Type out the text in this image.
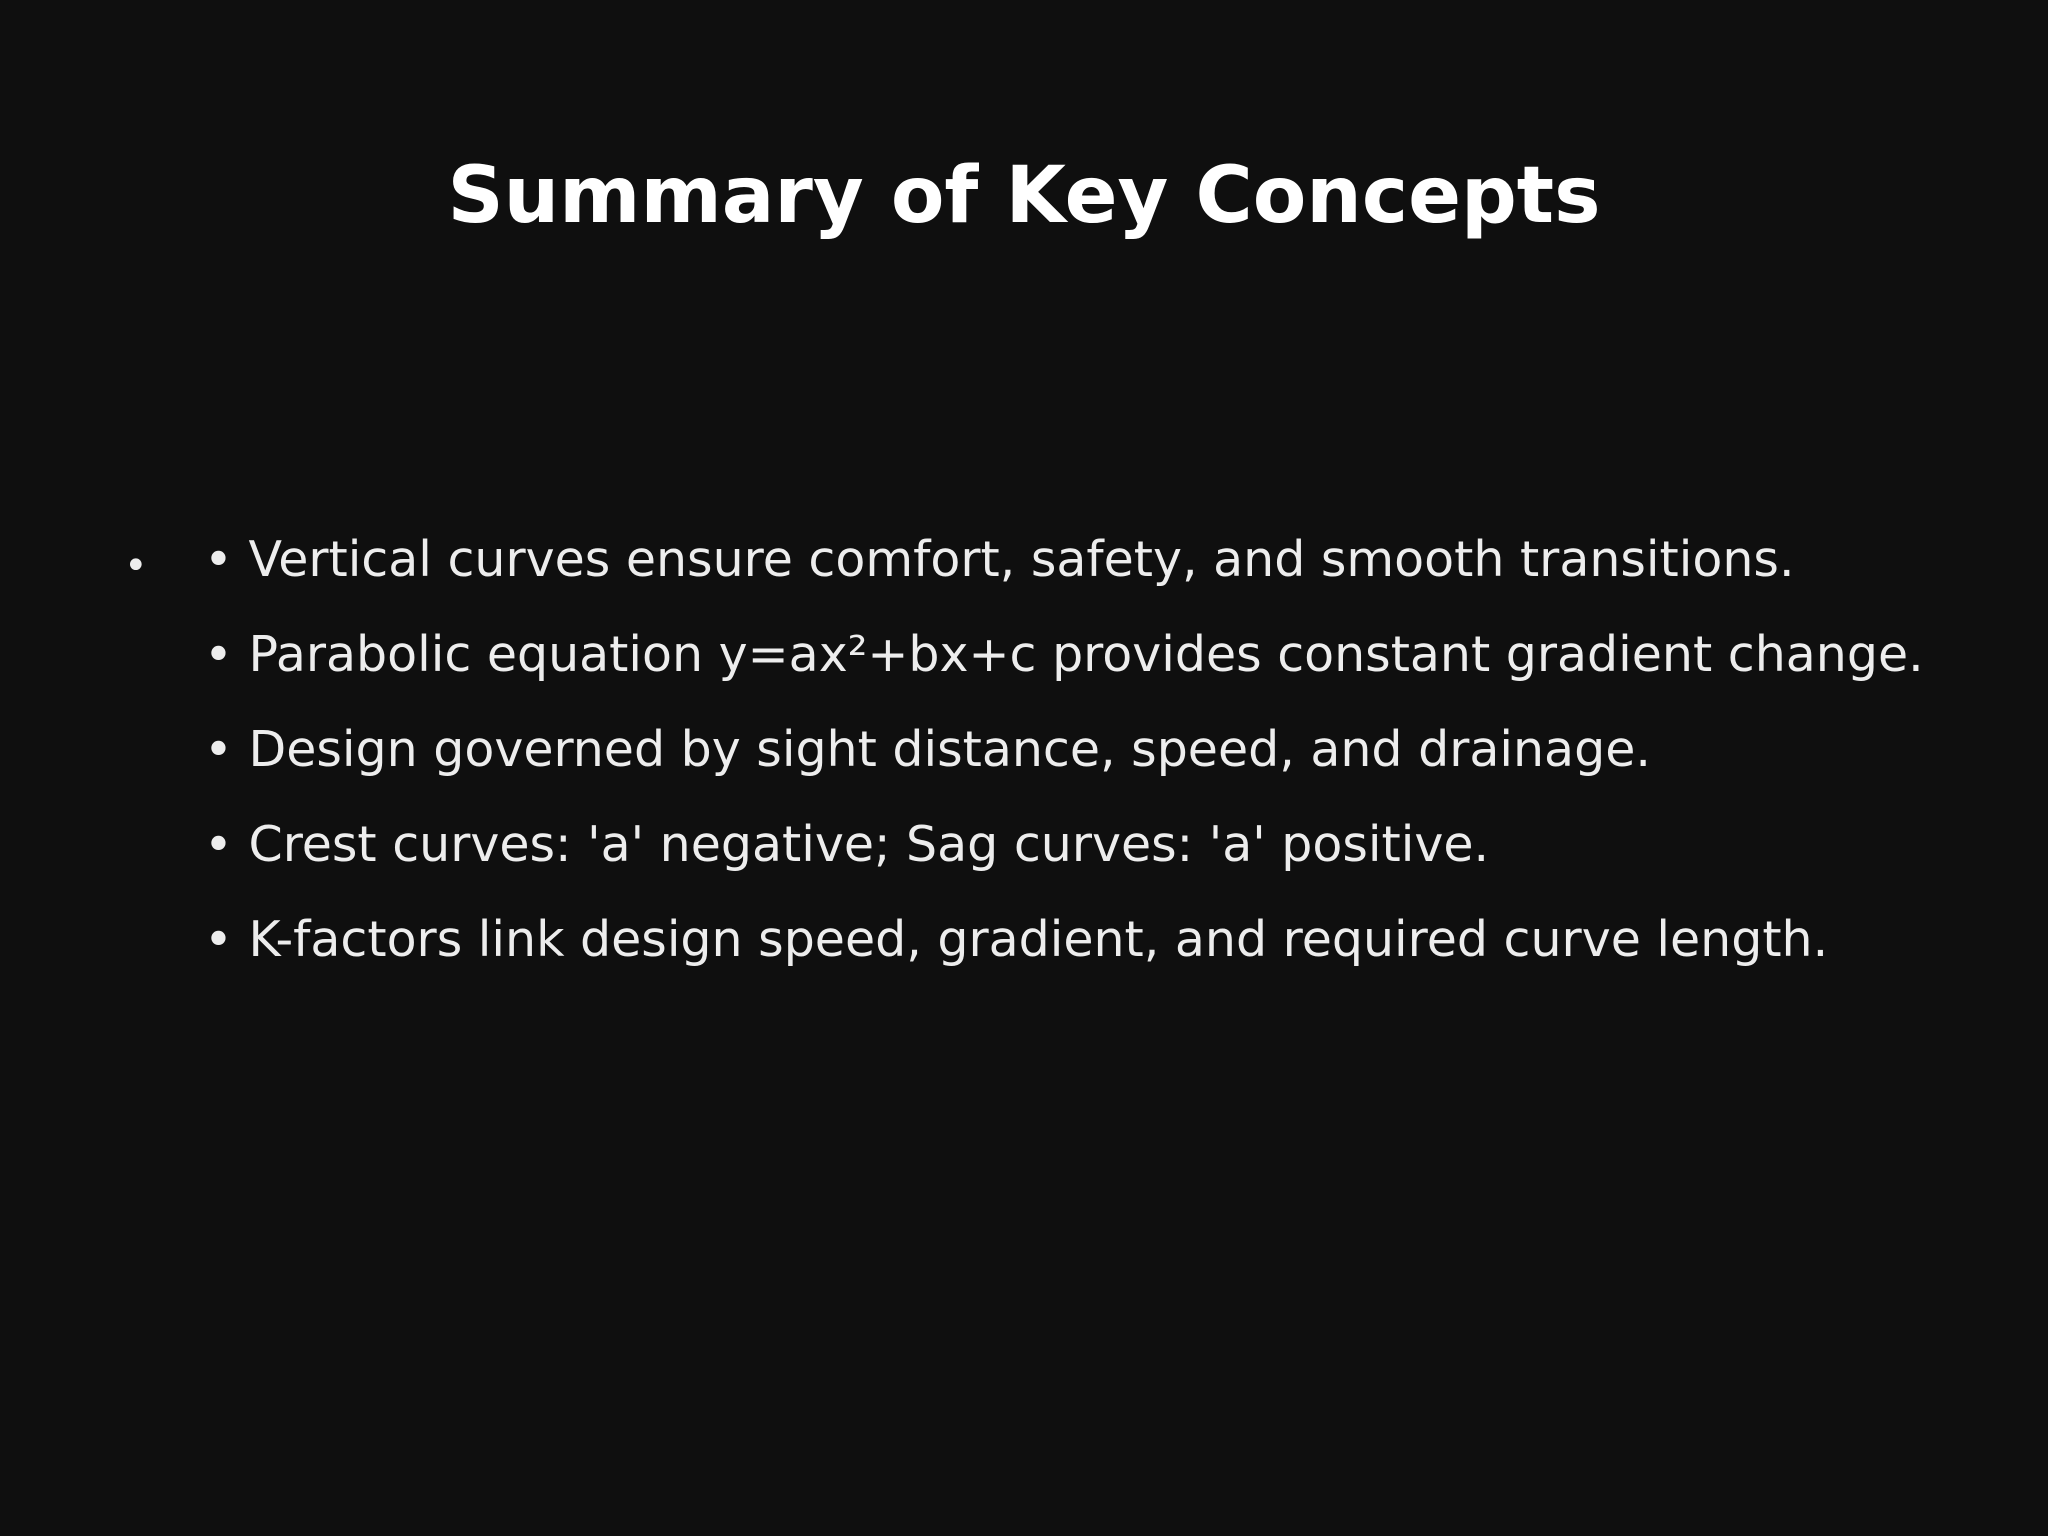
Summary of Key Concepts
• • Vertical curves ensure comfort, safety, and smooth transitions.
• Parabolic equation y=ax²+bx+c provides constant gradient change.
• Design governed by sight distance, speed, and drainage.
• Crest curves: 'a' negative; Sag curves: 'a' positive.
• K-factors link design speed, gradient, and required curve length.
